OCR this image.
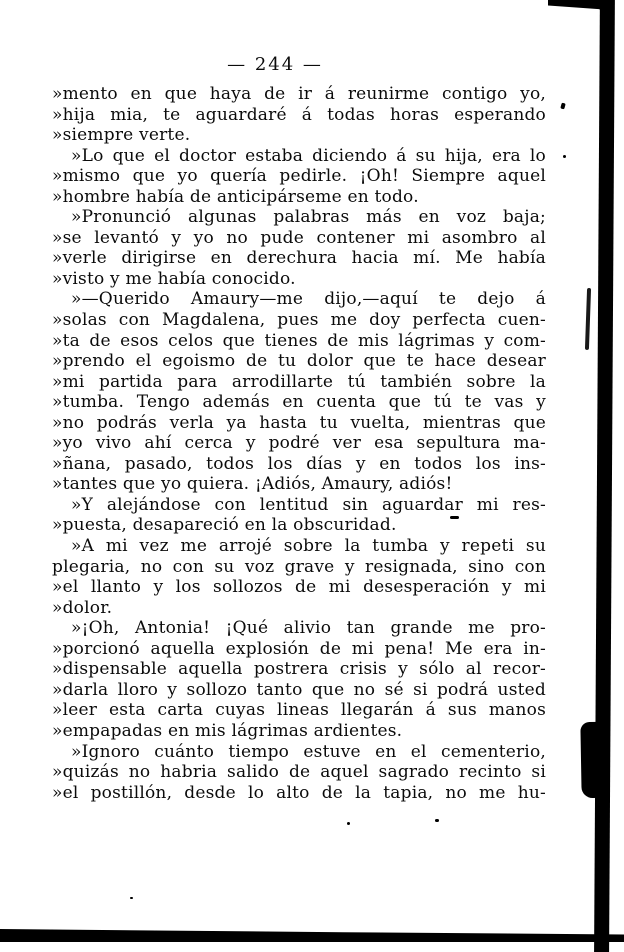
— 244 —
»mento en que haya de ir á reunirme contigo yo,
»hija mia, te aguardaré á todas horas esperando
»siempre verte.
»Lo que el doctor estaba diciendo á su hija, era lo
»mismo que yo quería pedirle. ¡Oh! Siempre aquel
»hombre había de anticipárseme en todo.
»Pronunció algunas palabras más en voz baja;
»se levantó y yo no pude contener mi asombro al
»verle dirigirse en derechura hacia mí. Me había
»visto y me había conocido.
»—Querido Amaury—me dijo,—aquí te dejo á
»solas con Magdalena, pues me doy perfecta cuen-
»ta de esos celos que tienes de mis lágrimas y com-
»prendo el egoismo de tu dolor que te hace desear
»mi partida para arrodillarte tú también sobre la
»tumba. Tengo además en cuenta que tú te vas y
»no podrás verla ya hasta tu vuelta, mientras que
»yo vivo ahí cerca y podré ver esa sepultura ma-
»ñana, pasado, todos los días y en todos los ins-
»tantes que yo quiera. ¡Adiós, Amaury, adiós!
»Y alejándose con lentitud sin aguardar mi res-
»puesta, desapareció en la obscuridad.
»A mi vez me arrojé sobre la tumba y repeti su
plegaria, no con su voz grave y resignada, sino con
»el llanto y los sollozos de mi desesperación y mi
»dolor.
»¡Oh, Antonia! ¡Qué alivio tan grande me pro-
»porcionó aquella explosión de mi pena! Me era in-
»dispensable aquella postrera crisis y sólo al recor-
»darla lloro y sollozo tanto que no sé si podrá usted
»leer esta carta cuyas lineas llegarán á sus manos
»empapadas en mis lágrimas ardientes.
»Ignoro cuánto tiempo estuve en el cementerio,
»quizás no habria salido de aquel sagrado recinto si
»el postillón, desde lo alto de la tapia, no me hu-
